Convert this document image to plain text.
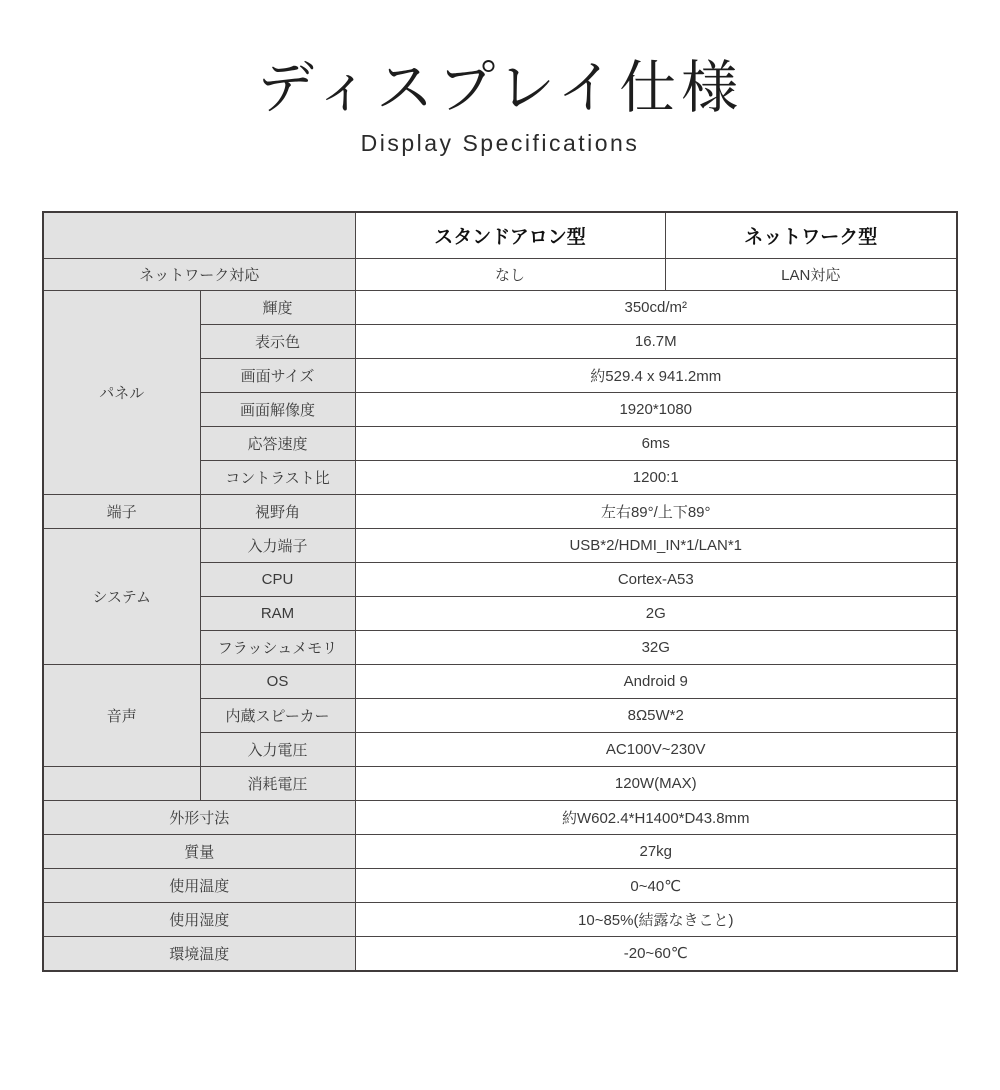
ディスプレイ仕様
Display Specifications
		スタンドアロン型	ネットワーク型
ネットワーク対応		なし	LAN対応
パネル	輝度	350cd/m²	
	表示色	16.7M	
	画面サイズ	約529.4 x 941.2mm	
	画面解像度	1920*1080	
	応答速度	6ms	
	コントラスト比	1200:1	
端子	視野角	左右89°/上下89°	
システム	入力端子	USB*2/HDMI_IN*1/LAN*1	
	CPU	Cortex-A53	
	RAM	2G	
	フラッシュメモリ	32G	
音声	OS	Android 9	
	内蔵スピーカー	8Ω5W*2	
	入力電圧	AC100V~230V	
	消耗電圧	120W(MAX)	
外形寸法		約W602.4*H1400*D43.8mm	
質量		27kg	
使用温度		0~40℃	
使用湿度		10~85%(結露なきこと)	
環境温度		-20~60℃	
